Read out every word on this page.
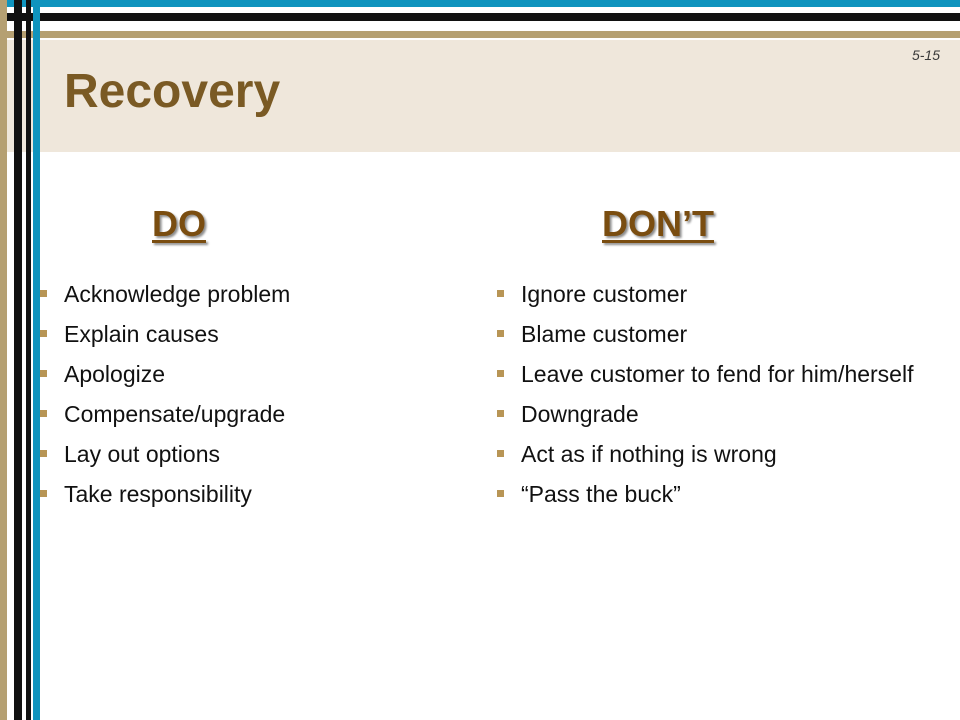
5-15
Recovery
DO	DON’T
Acknowledge problem
Explain causes
Apologize
Compensate/upgrade
Lay out options
Take responsibility
Ignore customer
Blame customer
Leave customer to fend for him/herself
Downgrade
Act as if nothing is wrong
“Pass the buck”
